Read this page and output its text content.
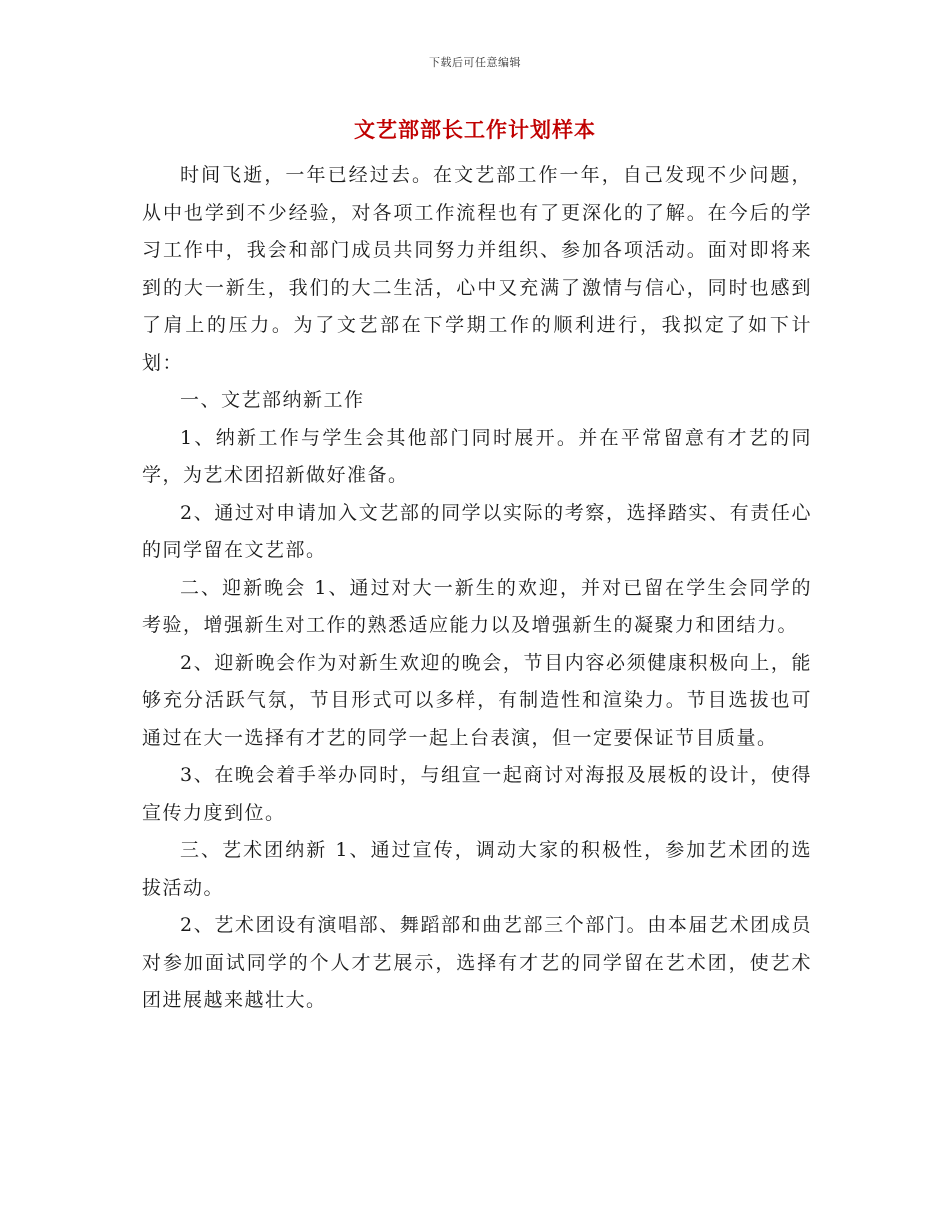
下载后可任意编辑
文艺部部长工作计划样本

时间飞逝，一年已经过去。在文艺部工作一年，自己发现不少问题，从中也学到不少经验，对各项工作流程也有了更深化的了解。在今后的学习工作中，我会和部门成员共同努力并组织、参加各项活动。面对即将来到的大一新生，我们的大二生活，心中又充满了激情与信心，同时也感到了肩上的压力。为了文艺部在下学期工作的顺利进行，我拟定了如下计划：

一、文艺部纳新工作

1、纳新工作与学生会其他部门同时展开。并在平常留意有才艺的同学，为艺术团招新做好准备。

2、通过对申请加入文艺部的同学以实际的考察，选择踏实、有责任心的同学留在文艺部。

二、迎新晚会 1、通过对大一新生的欢迎，并对已留在学生会同学的考验，增强新生对工作的熟悉适应能力以及增强新生的凝聚力和团结力。

2、迎新晚会作为对新生欢迎的晚会，节目内容必须健康积极向上，能够充分活跃气氛，节目形式可以多样，有制造性和渲染力。节目选拔也可通过在大一选择有才艺的同学一起上台表演，但一定要保证节目质量。

3、在晚会着手举办同时，与组宣一起商讨对海报及展板的设计，使得宣传力度到位。

三、艺术团纳新 1、通过宣传，调动大家的积极性，参加艺术团的选拔活动。

2、艺术团设有演唱部、舞蹈部和曲艺部三个部门。由本届艺术团成员对参加面试同学的个人才艺展示，选择有才艺的同学留在艺术团，使艺术团进展越来越壮大。
